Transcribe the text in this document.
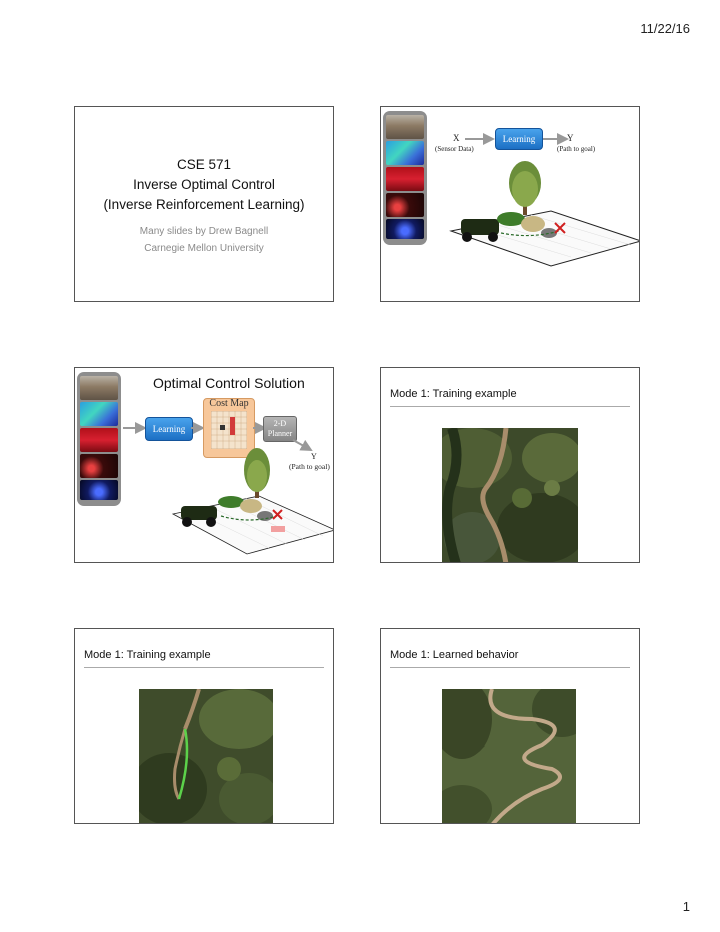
11/22/16
CSE 571
Inverse Optimal Control
(Inverse Reinforcement Learning)
Many slides by Drew Bagnell
Carnegie Mellon University
X
(Sensor Data)
Learning	Y
(Path to goal)
Optimal Control Solution
Learning
Cost Map
2-D
Planner
Y
(Path to goal)
Mode 1: Training example
Mode 1: Training example	Mode 1: Learned behavior
1
